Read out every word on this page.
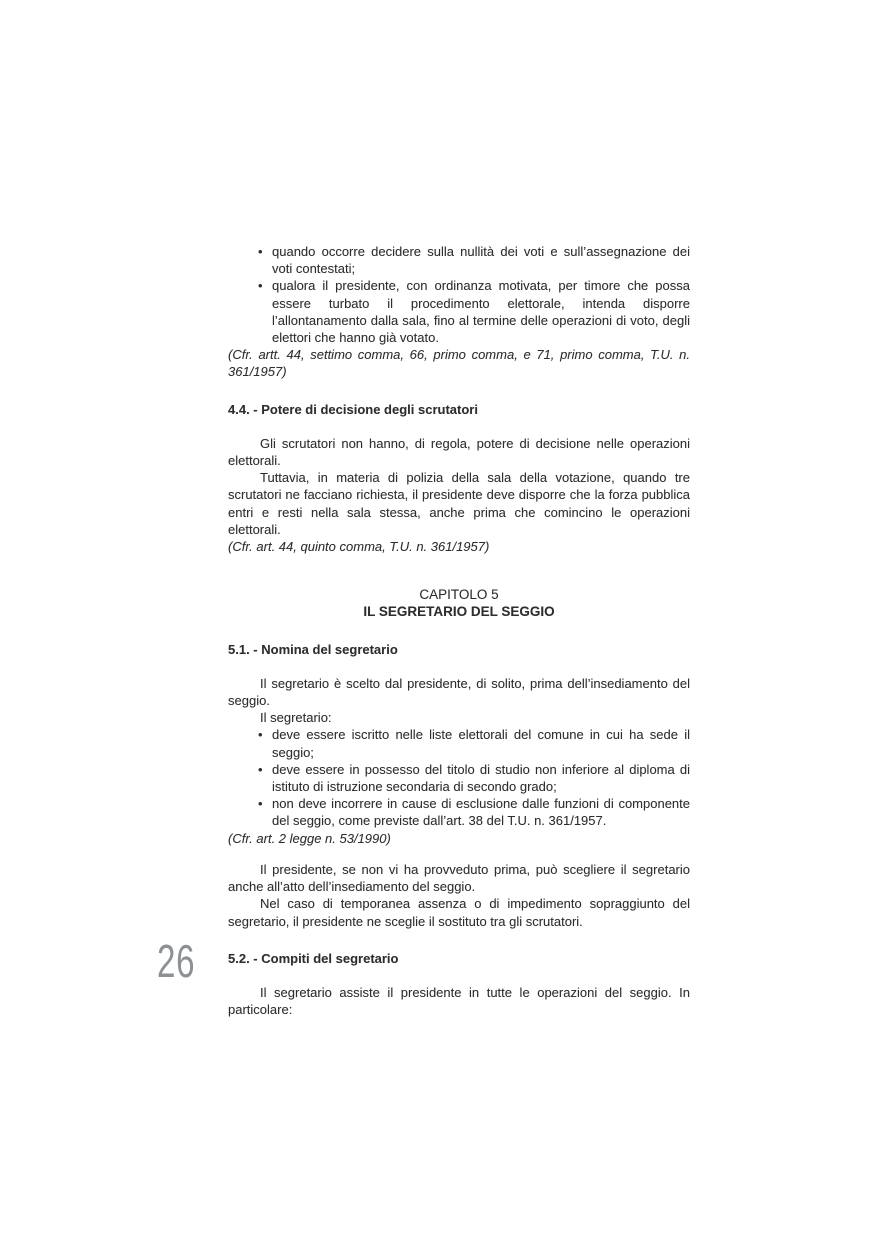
26
• quando occorre decidere sulla nullità dei voti e sull’assegnazione dei voti contestati;
• qualora il presidente, con ordinanza motivata, per timore che possa essere turbato il procedimento elettorale, intenda disporre l’allontanamento dalla sala, fino al termine delle operazioni di voto, degli elettori che hanno già votato.

(Cfr. artt. 44, settimo comma, 66, primo comma, e 71, primo comma, T.U. n. 361/1957)

4.4. - Potere di decisione degli scrutatori

Gli scrutatori non hanno, di regola, potere di decisione nelle operazioni elettorali.

Tuttavia, in materia di polizia della sala della votazione, quando tre scrutatori ne facciano richiesta, il presidente deve disporre che la forza pubblica entri e resti nella sala stessa, anche prima che comincino le operazioni elettorali.

(Cfr. art. 44, quinto comma, T.U. n. 361/1957)

CAPITOLO 5
IL SEGRETARIO DEL SEGGIO

5.1. - Nomina del segretario

Il segretario è scelto dal presidente, di solito, prima dell’insediamento del seggio.

Il segretario:

• deve essere iscritto nelle liste elettorali del comune in cui ha sede il seggio;
• deve essere in possesso del titolo di studio non inferiore al diploma di istituto di istruzione secondaria di secondo grado;
• non deve incorrere in cause di esclusione dalle funzioni di componente del seggio, come previste dall’art. 38 del T.U. n. 361/1957.

(Cfr. art. 2 legge n. 53/1990)

Il presidente, se non vi ha provveduto prima, può scegliere il segretario anche all’atto dell’insediamento del seggio.

Nel caso di temporanea assenza o di impedimento sopraggiunto del segretario, il presidente ne sceglie il sostituto tra gli scrutatori.

5.2. - Compiti del segretario

Il segretario assiste il presidente in tutte le operazioni del seggio. In particolare:
